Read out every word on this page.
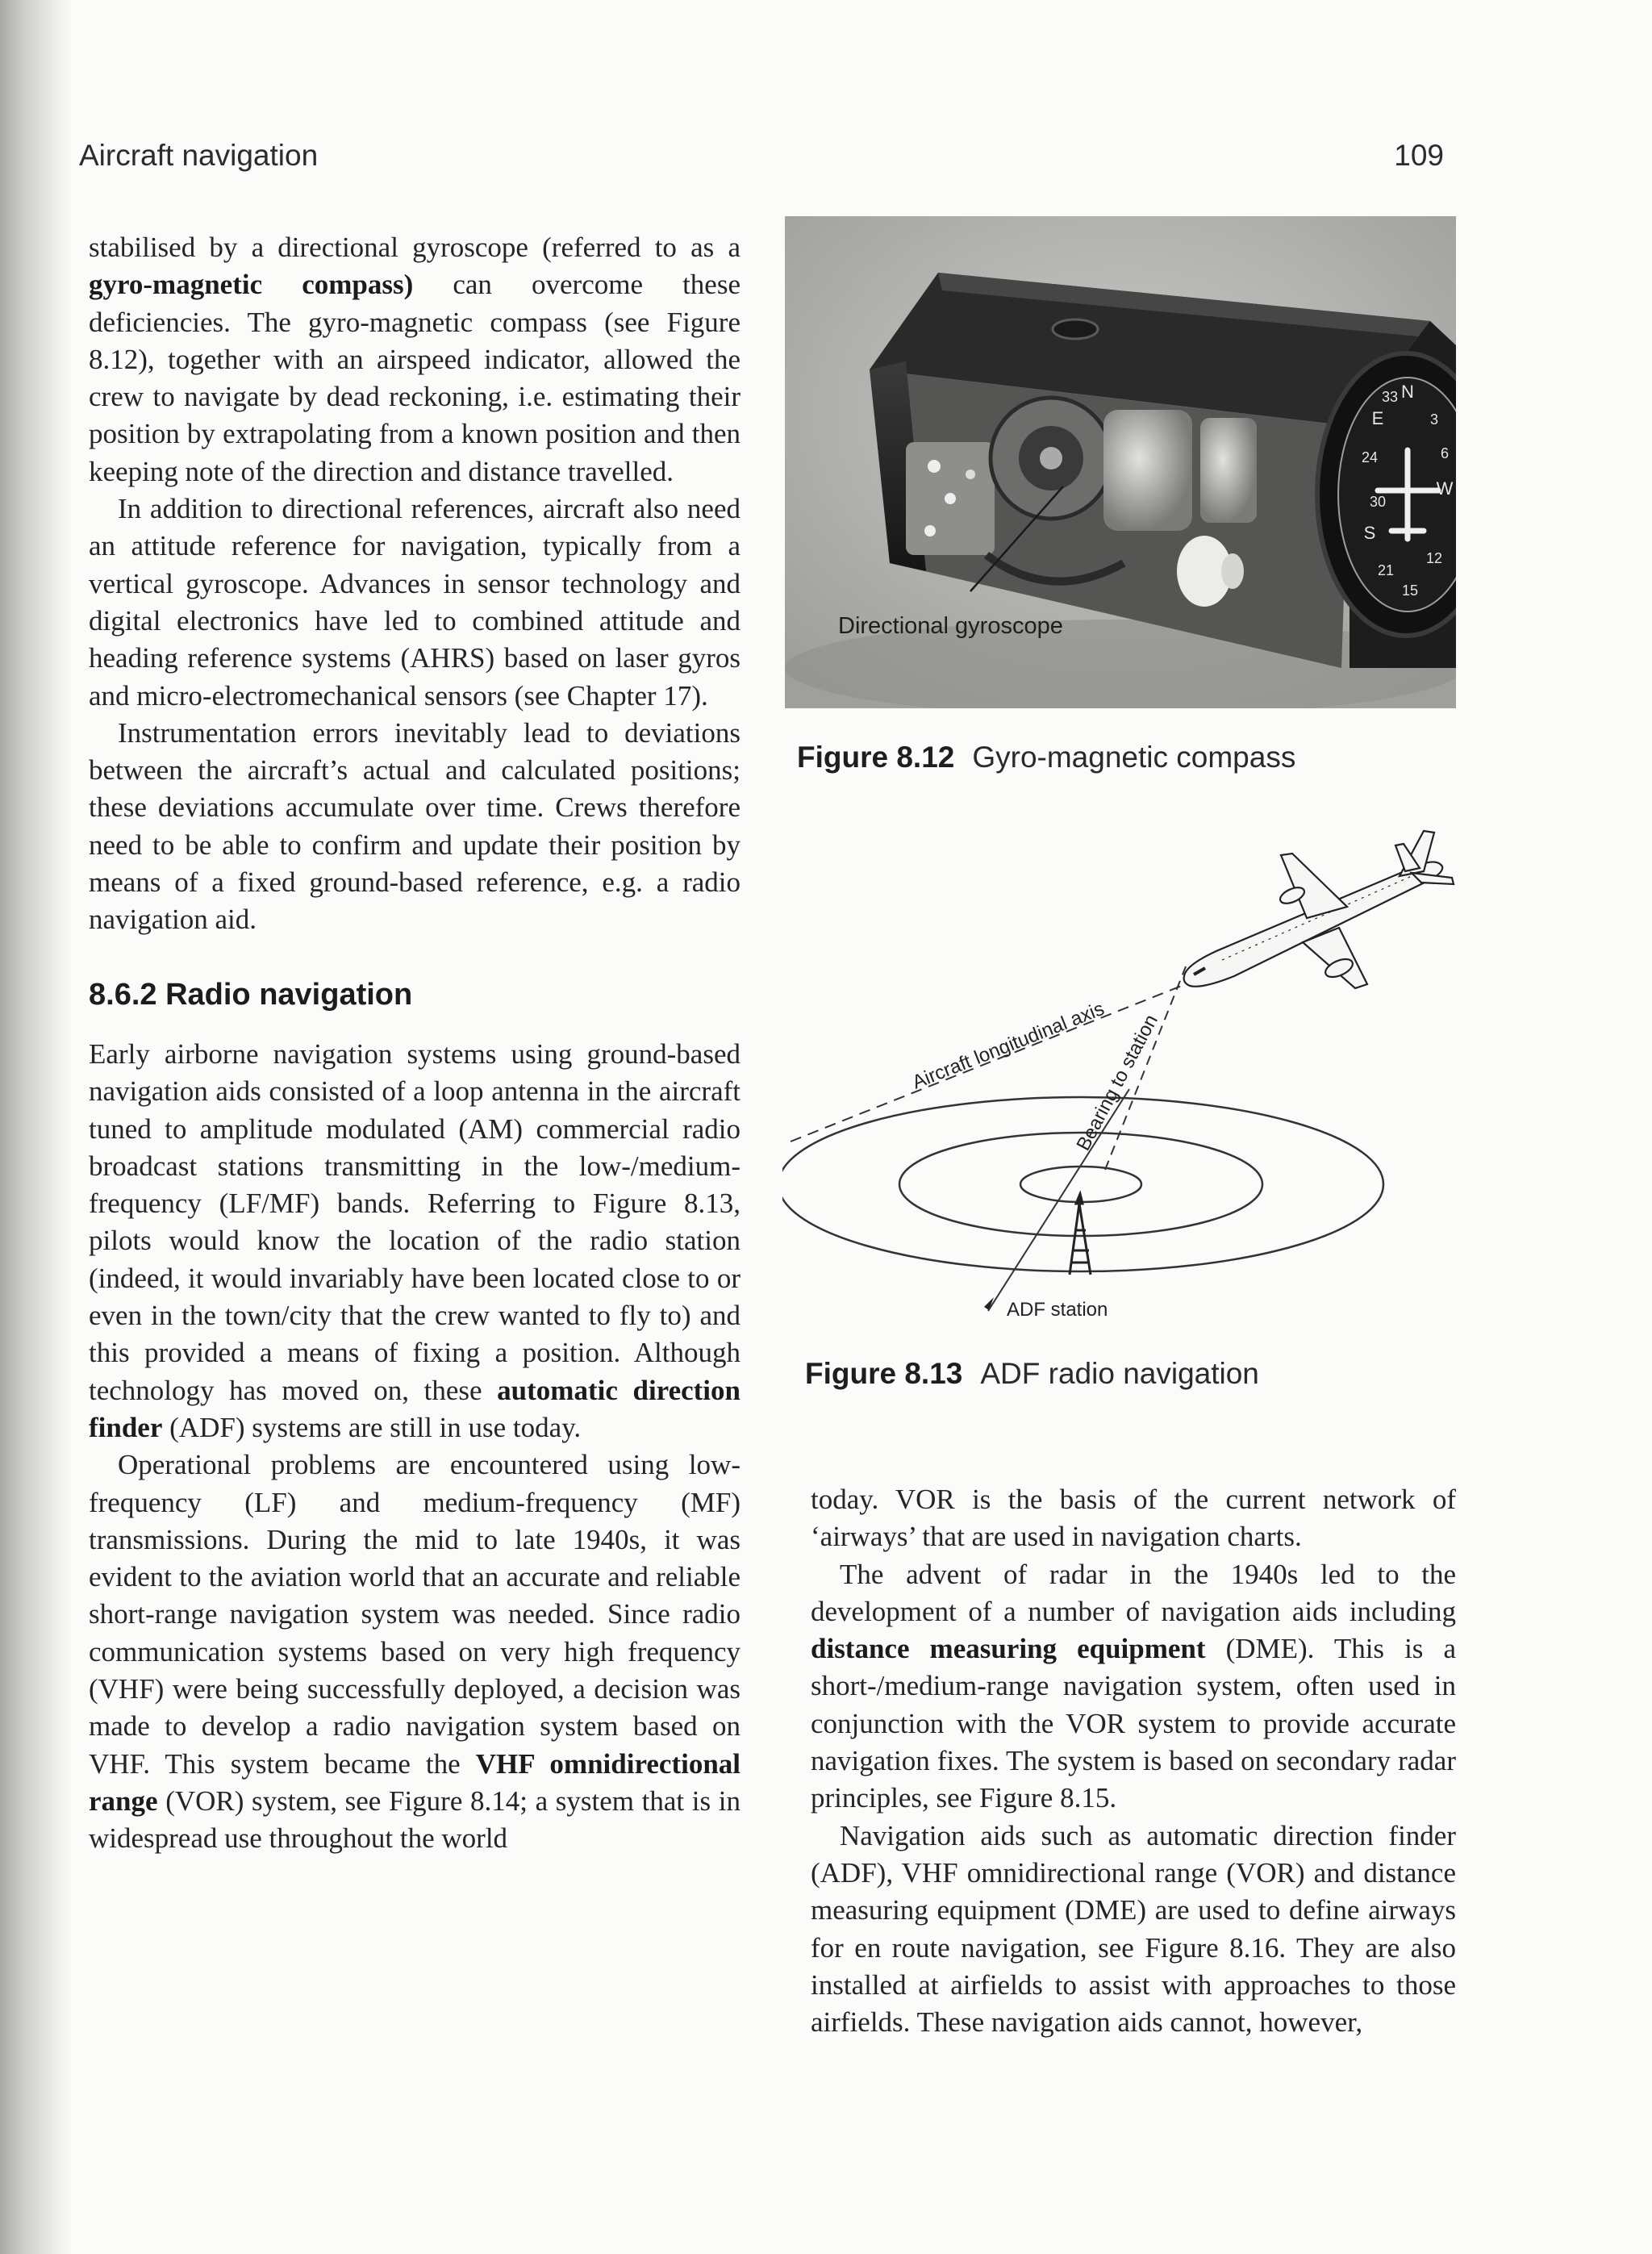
Aircraft navigation	109

stabilised by a directional gyroscope (referred to as a gyro-magnetic compass) can overcome these deficiencies. The gyro-magnetic compass (see Figure 8.12), together with an airspeed indicator, allowed the crew to navigate by dead reckoning, i.e. estimating their position by extrapolating from a known position and then keeping note of the direction and distance travelled.

In addition to directional references, aircraft also need an attitude reference for navigation, typically from a vertical gyroscope. Advances in sensor technology and digital electronics have led to combined attitude and heading reference systems (AHRS) based on laser gyros and micro-electromechanical sensors (see Chapter 17).

Instrumentation errors inevitably lead to deviations between the aircraft’s actual and calculated positions; these deviations accumulate over time. Crews therefore need to be able to confirm and update their position by means of a fixed ground-based reference, e.g. a radio navigation aid.

8.6.2 Radio navigation

Early airborne navigation systems using ground-based navigation aids consisted of a loop antenna in the aircraft tuned to amplitude modulated (AM) commercial radio broadcast stations transmitting in the low-/medium-frequency (LF/MF) bands. Referring to Figure 8.13, pilots would know the location of the radio station (indeed, it would invariably have been located close to or even in the town/city that the crew wanted to fly to) and this provided a means of fixing a position. Although technology has moved on, these automatic direction finder (ADF) systems are still in use today.

Operational problems are encountered using low-frequency (LF) and medium-frequency (MF) transmissions. During the mid to late 1940s, it was evident to the aviation world that an accurate and reliable short-range navigation system was needed. Since radio communication systems based on very high frequency (VHF) were being successfully deployed, a decision was made to develop a radio navigation system based on VHF. This system became the VHF omnidirectional range (VOR) system, see Figure 8.14; a system that is in widespread use throughout the world

N
E
S
W
3
6
12
15
21
24
30
33
Directional gyroscope
Figure 8.12 Gyro-magnetic compass
Aircraft longitudinal axis
Bearing to station
ADF station
Figure 8.13 ADF radio navigation

today. VOR is the basis of the current network of ‘airways’ that are used in navigation charts.

The advent of radar in the 1940s led to the development of a number of navigation aids including distance measuring equipment (DME). This is a short-/medium-range navigation system, often used in conjunction with the VOR system to provide accurate navigation fixes. The system is based on secondary radar principles, see Figure 8.15.

Navigation aids such as automatic direction finder (ADF), VHF omnidirectional range (VOR) and distance measuring equipment (DME) are used to define airways for en route navigation, see Figure 8.16. They are also installed at airfields to assist with approaches to those airfields. These navigation aids cannot, however,
